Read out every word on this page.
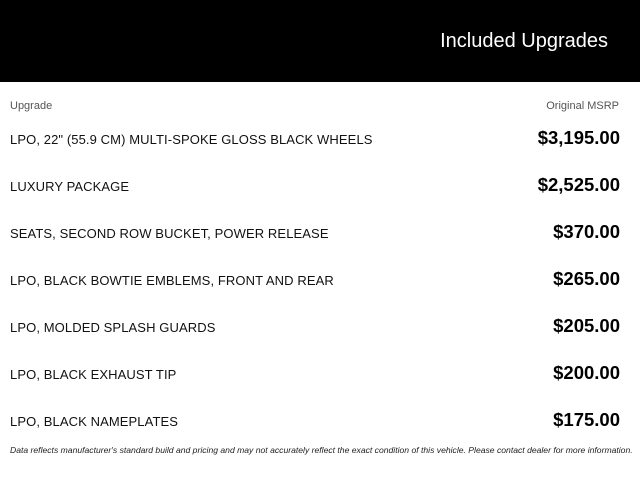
Included Upgrades
Upgrade	Original MSRP
LPO, 22" (55.9 CM) MULTI-SPOKE GLOSS BLACK WHEELS	$3,195.00
LUXURY PACKAGE	$2,525.00
SEATS, SECOND ROW BUCKET, POWER RELEASE	$370.00
LPO, BLACK BOWTIE EMBLEMS, FRONT AND REAR	$265.00
LPO, MOLDED SPLASH GUARDS	$205.00
LPO, BLACK EXHAUST TIP	$200.00
LPO, BLACK NAMEPLATES	$175.00
Data reflects manufacturer's standard build and pricing and may not accurately reflect the exact condition of this vehicle. Please contact dealer for more information.
